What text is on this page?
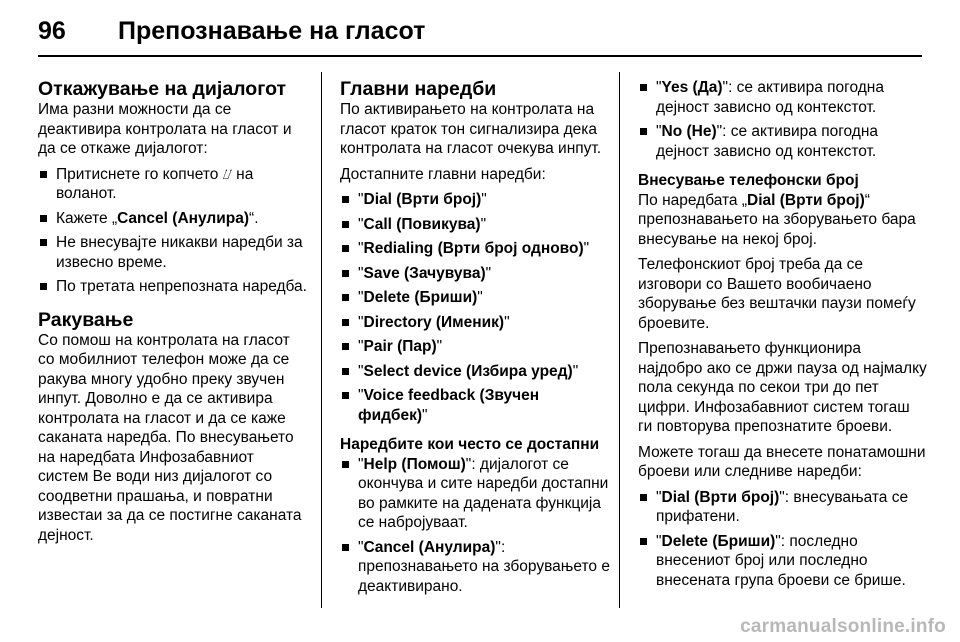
96	Препознавање на гласот
Откажување на дијалогот

Има разни можности да се деактивира контролата на гласот и да се откаже дијалогот:

Притиснете го копчето ⌰ на воланот.
Кажете „Cancel (Анулира)“.
Не внесувајте никакви наредби за извесно време.
По третата непрепозната наредба.
Ракување

Со помош на контролата на гласот со мобилниот телефон може да се ракува многу удобно преку звучен инпут. Доволно е да се активира контролата на гласот и да се каже саканата наредба. По внесувањето на наредбата Инфозабавниот систем Ве води низ дијалогот со соодветни прашања, и повратни известаи за да се постигне саканата дејност.

Главни наредби

По активирањето на контролата на гласот краток тон сигнализира дека контролата на гласот очекува инпут.

Достапните главни наредби:

"Dial (Врти број)"
"Call (Повикува)"
"Redialing (Врти број одново)"
"Save (Зачувува)"
"Delete (Бриши)"
"Directory (Именик)"
"Pair (Пар)"
"Select device (Избира уред)"
"Voice feedback (Звучен фидбек)"
Наредбите кои често се достапни
"Help (Помош)": дијалогот се окончува и сите наредби достапни во рамките на дадената функција се набројуваат.
"Cancel (Анулира)": препознавањето на зборувањето е деактивирано.
"Yes (Да)": се активира погодна дејност зависно од контекстот.
"No (Не)": се активира погодна дејност зависно од контекстот.
Внесување телефонски број

По наредбата „Dial (Врти број)“ препознавањето на зборувањето бара внесување на некој број.

Телефонскиот број треба да се изговори со Вашето вообичаено зборување без вештачки паузи помеѓу броевите.

Препознавањето функционира најдобро ако се држи пауза од најмалку пола секунда по секои три до пет цифри. Инфозабавниот систем тогаш ги повторува препознатите броеви.

Можете тогаш да внесете понатамошни броеви или следниве наредби:

"Dial (Врти број)": внесувањата се прифатени.
"Delete (Бриши)": последно внесениот број или последно внесената група броеви се брише.
carmanualsonline.info
